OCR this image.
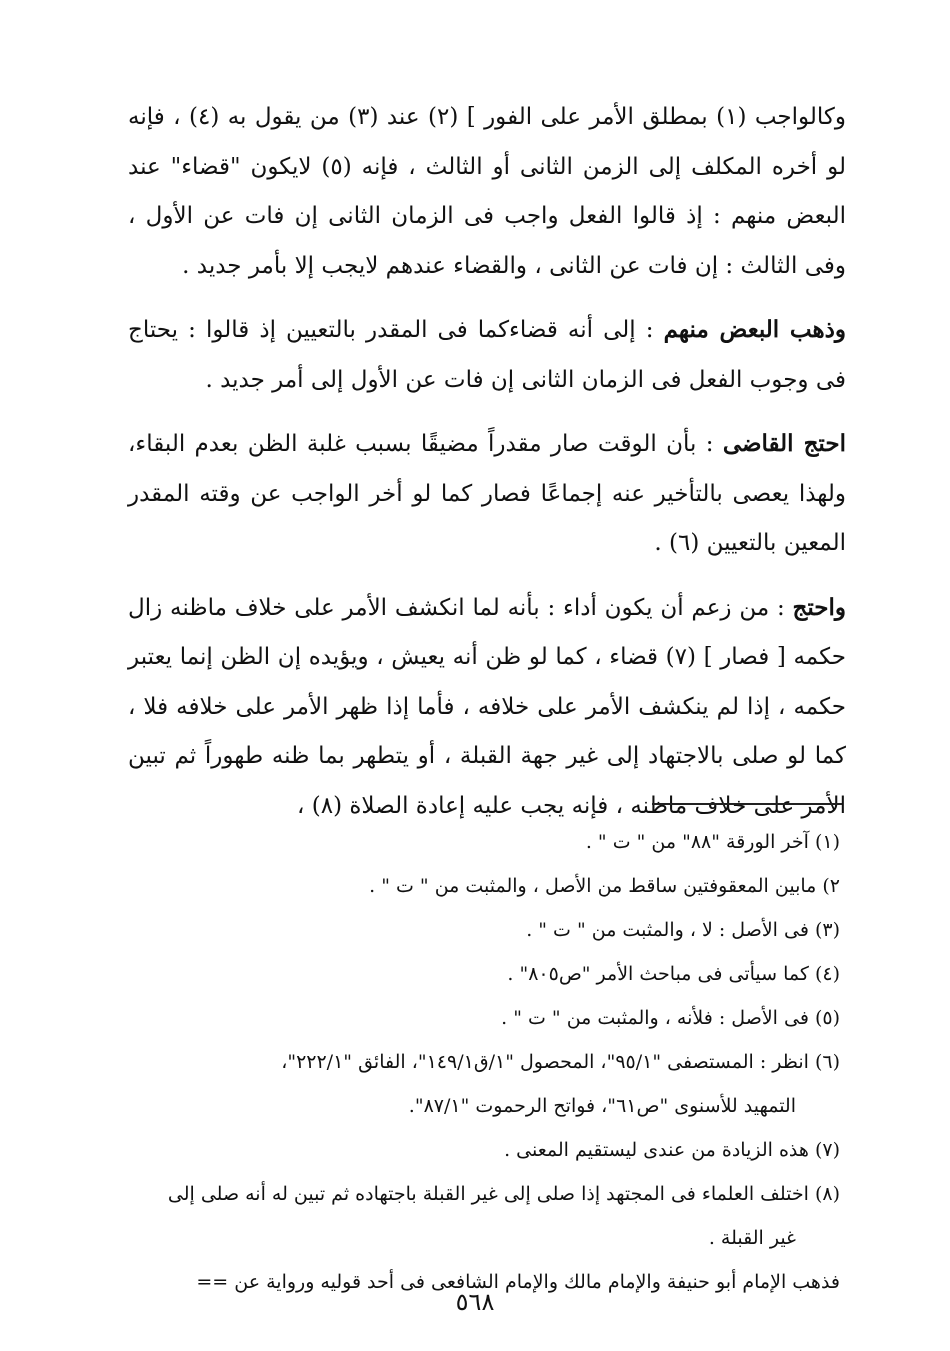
وكالواجب (١) بمطلق الأمر على الفور ] (٢) عند (٣) من يقول به (٤) ، فإنه لو أخره المكلف إلى الزمن الثانى أو الثالث ، فإنه (٥) لايكون "قضاء" عند البعض منهم : إذ قالوا الفعل واجب فى الزمان الثانى إن فات عن الأول ، وفى الثالث : إن فات عن الثانى ، والقضاء عندهم لايجب إلا بأمر جديد .

وذهب البعض منهم : إلى أنه قضاءكما فى المقدر بالتعيين إذ قالوا : يحتاج فى وجوب الفعل فى الزمان الثانى إن فات عن الأول إلى أمر جديد .

احتج القاضى : بأن الوقت صار مقدراً مضيقًا بسبب غلبة الظن بعدم البقاء، ولهذا يعصى بالتأخير عنه إجماعًا فصار كما لو أخر الواجب عن وقته المقدر المعين بالتعيين (٦) .

واحتج : من زعم أن يكون أداء : بأنه لما انكشف الأمر على خلاف ماظنه زال حكمه [ فصار ] (٧) قضاء ، كما لو ظن أنه يعيش ، ويؤيده إن الظن إنما يعتبر حكمه ، إذا لم ينكشف الأمر على خلافه ، فأما إذا ظهر الأمر على خلافه فلا ، كما لو صلى بالاجتهاد إلى غير جهة القبلة ، أو يتطهر بما ظنه طهوراً ثم تبين الأمر على خلاف ماظنه ، فإنه يجب عليه إعادة الصلاة (٨) ،

(١) آخر الورقة "٨٨" من " ت " .

٢) مابين المعقوفتين ساقط من الأصل ، والمثبت من " ت " .

(٣) فى الأصل : لا ، والمثبت من " ت " .

(٤) كما سيأتى فى مباحث الأمر "ص٨٠٥" .

(٥) فى الأصل : فلأنه ، والمثبت من " ت " .

(٦) انظر : المستصفى "٩٥/١"، المحصول "١/ق١٤٩/١"، الفائق "٢٢٢/١"،

التمهيد للأسنوى "ص٦١"، فواتح الرحموت "٨٧/١".

(٧) هذه الزيادة من عندى ليستقيم المعنى .

(٨) اختلف العلماء فى المجتهد إذا صلى إلى غير القبلة باجتهاده ثم تبين له أنه صلى إلى

غير القبلة .

فذهب الإمام أبو حنيفة والإمام مالك والإمام الشافعى فى أحد قوليه ورواية عن ==

٥٦٨
